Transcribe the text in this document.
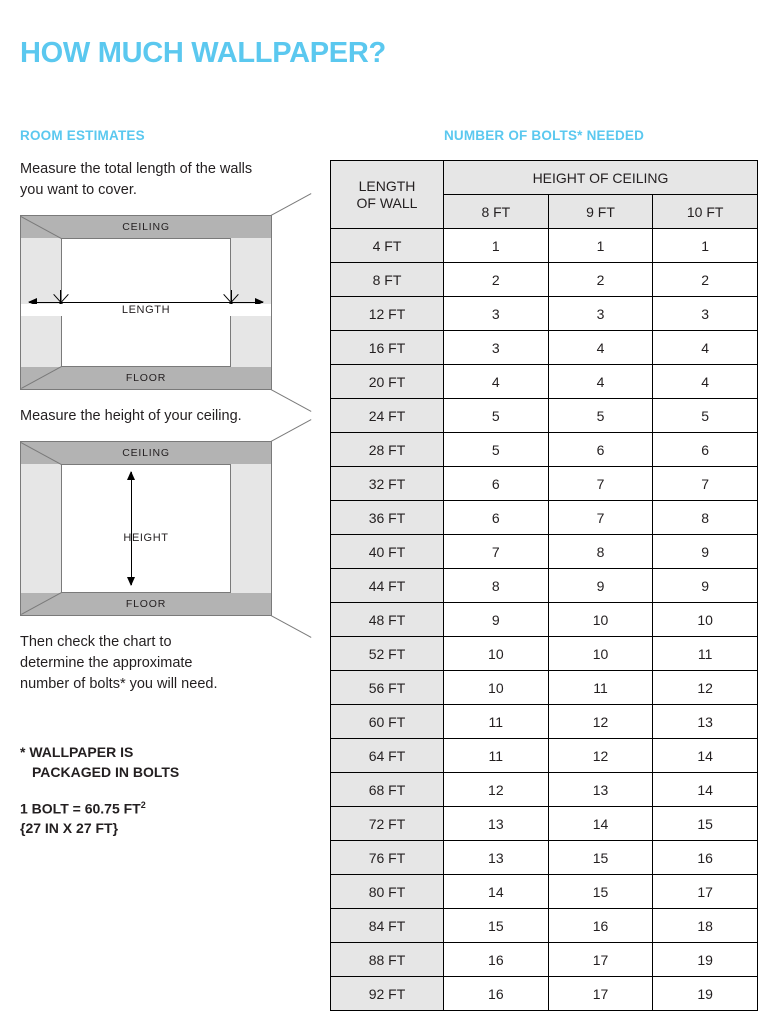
HOW MUCH WALLPAPER?
ROOM ESTIMATES

Measure the total length of the walls you want to cover.

CEILING
FLOOR
LENGTH

Measure the height of your ceiling.

CEILING
FLOOR
HEIGHT

Then check the chart to determine the approximate number of bolts* you will need.

* WALLPAPER IS
PACKAGED IN BOLTS

1 BOLT = 60.75 $FT^2$
{27 IN X 27 FT}

NUMBER OF BOLTS* NEEDED
LENGTH
OF WALL	HEIGHT OF CEILING		
	8 FT	9 FT	10 FT
4 FT	1	1	1
8 FT	2	2	2
12 FT	3	3	3
16 FT	3	4	4
20 FT	4	4	4
24 FT	5	5	5
28 FT	5	6	6
32 FT	6	7	7
36 FT	6	7	8
40 FT	7	8	9
44 FT	8	9	9
48 FT	9	10	10
52 FT	10	10	11
56 FT	10	11	12
60 FT	11	12	13
64 FT	11	12	14
68 FT	12	13	14
72 FT	13	14	15
76 FT	13	15	16
80 FT	14	15	17
84 FT	15	16	18
88 FT	16	17	19
92 FT	16	17	19
